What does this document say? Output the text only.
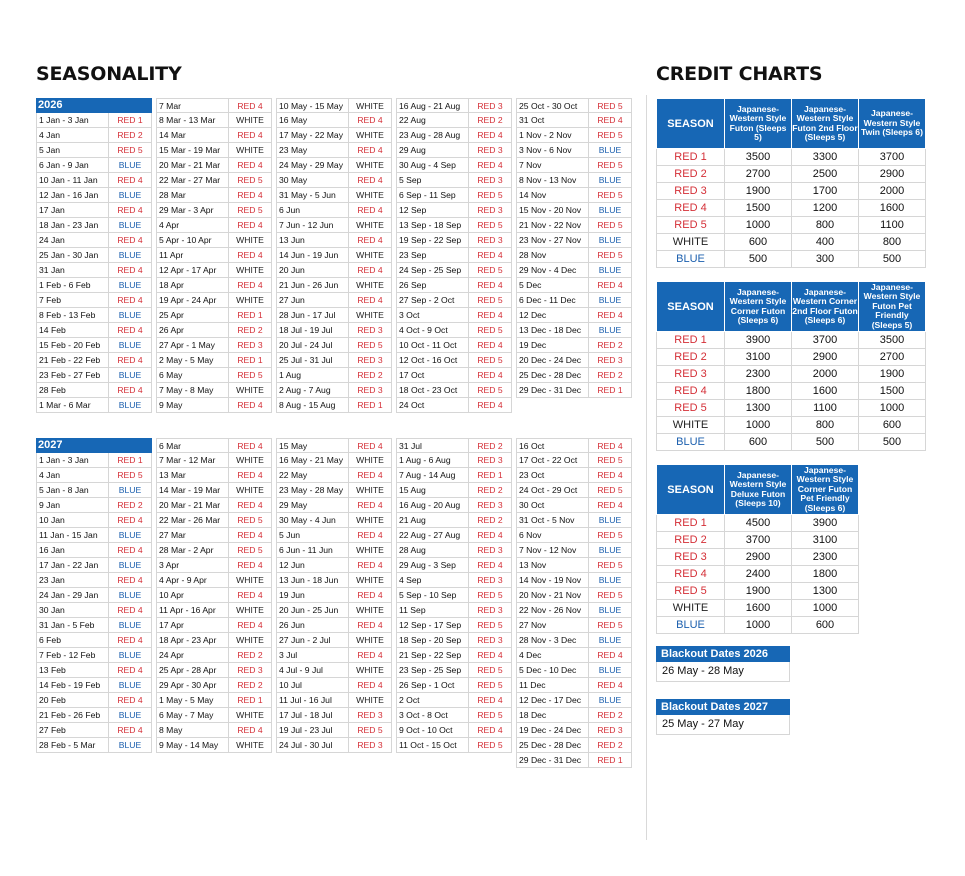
SEASONALITY	CREDIT CHARTS
2026
1 Jan - 3 Jan	RED 1
4 Jan	RED 2
5 Jan	RED 5
6 Jan - 9 Jan	BLUE
10 Jan - 11 Jan	RED 4
12 Jan - 16 Jan	BLUE
17 Jan	RED 4
18 Jan - 23 Jan	BLUE
24 Jan	RED 4
25 Jan - 30 Jan	BLUE
31 Jan	RED 4
1 Feb - 6 Feb	BLUE
7 Feb	RED 4
8 Feb - 13 Feb	BLUE
14 Feb	RED 4
15 Feb - 20 Feb	BLUE
21 Feb - 22 Feb	RED 4
23 Feb - 27 Feb	BLUE
28 Feb	RED 4
1 Mar - 6 Mar	BLUE
7 Mar	RED 4
8 Mar - 13 Mar	WHITE
14 Mar	RED 4
15 Mar - 19 Mar	WHITE
20 Mar - 21 Mar	RED 4
22 Mar - 27 Mar	RED 5
28 Mar	RED 4
29 Mar - 3 Apr	RED 5
4 Apr	RED 4
5 Apr - 10 Apr	WHITE
11 Apr	RED 4
12 Apr - 17 Apr	WHITE
18 Apr	RED 4
19 Apr - 24 Apr	WHITE
25 Apr	RED 1
26 Apr	RED 2
27 Apr - 1 May	RED 3
2 May - 5 May	RED 1
6 May	RED 5
7 May - 8 May	WHITE
9 May	RED 4
10 May - 15 May	WHITE
16 May	RED 4
17 May - 22 May	WHITE
23 May	RED 4
24 May - 29 May	WHITE
30 May	RED 4
31 May - 5 Jun	WHITE
6 Jun	RED 4
7 Jun - 12 Jun	WHITE
13 Jun	RED 4
14 Jun - 19 Jun	WHITE
20 Jun	RED 4
21 Jun - 26 Jun	WHITE
27 Jun	RED 4
28 Jun - 17 Jul	WHITE
18 Jul - 19 Jul	RED 3
20 Jul - 24 Jul	RED 5
25 Jul - 31 Jul	RED 3
1 Aug	RED 2
2 Aug - 7 Aug	RED 3
8 Aug - 15 Aug	RED 1
16 Aug - 21 Aug	RED 3
22 Aug	RED 2
23 Aug - 28 Aug	RED 4
29 Aug	RED 3
30 Aug - 4 Sep	RED 4
5 Sep	RED 3
6 Sep - 11 Sep	RED 5
12 Sep	RED 3
13 Sep - 18 Sep	RED 5
19 Sep - 22 Sep	RED 3
23 Sep	RED 4
24 Sep - 25 Sep	RED 5
26 Sep	RED 4
27 Sep - 2 Oct	RED 5
3 Oct	RED 4
4 Oct - 9 Oct	RED 5
10 Oct - 11 Oct	RED 4
12 Oct - 16 Oct	RED 5
17 Oct	RED 4
18 Oct - 23 Oct	RED 5
24 Oct	RED 4
25 Oct - 30 Oct	RED 5
31 Oct	RED 4
1 Nov - 2 Nov	RED 5
3 Nov - 6 Nov	BLUE
7 Nov	RED 5
8 Nov - 13 Nov	BLUE
14 Nov	RED 5
15 Nov - 20 Nov	BLUE
21 Nov - 22 Nov	RED 5
23 Nov - 27 Nov	BLUE
28 Nov	RED 5
29 Nov - 4 Dec	BLUE
5 Dec	RED 4
6 Dec - 11 Dec	BLUE
12 Dec	RED 4
13 Dec - 18 Dec	BLUE
19 Dec	RED 2
20 Dec - 24 Dec	RED 3
25 Dec - 28 Dec	RED 2
29 Dec - 31 Dec	RED 1
2027
1 Jan - 3 Jan	RED 1
4 Jan	RED 5
5 Jan - 8 Jan	BLUE
9 Jan	RED 2
10 Jan	RED 4
11 Jan - 15 Jan	BLUE
16 Jan	RED 4
17 Jan - 22 Jan	BLUE
23 Jan	RED 4
24 Jan - 29 Jan	BLUE
30 Jan	RED 4
31 Jan - 5 Feb	BLUE
6 Feb	RED 4
7 Feb - 12 Feb	BLUE
13 Feb	RED 4
14 Feb - 19 Feb	BLUE
20 Feb	RED 4
21 Feb - 26 Feb	BLUE
27 Feb	RED 4
28 Feb - 5 Mar	BLUE
6 Mar	RED 4
7 Mar - 12 Mar	WHITE
13 Mar	RED 4
14 Mar - 19 Mar	WHITE
20 Mar - 21 Mar	RED 4
22 Mar - 26 Mar	RED 5
27 Mar	RED 4
28 Mar - 2 Apr	RED 5
3 Apr	RED 4
4 Apr - 9 Apr	WHITE
10 Apr	RED 4
11 Apr - 16 Apr	WHITE
17 Apr	RED 4
18 Apr - 23 Apr	WHITE
24 Apr	RED 2
25 Apr - 28 Apr	RED 3
29 Apr - 30 Apr	RED 2
1 May - 5 May	RED 1
6 May - 7 May	WHITE
8 May	RED 4
9 May - 14 May	WHITE
15 May	RED 4
16 May - 21 May	WHITE
22 May	RED 4
23 May - 28 May	WHITE
29 May	RED 4
30 May - 4 Jun	WHITE
5 Jun	RED 4
6 Jun - 11 Jun	WHITE
12 Jun	RED 4
13 Jun - 18 Jun	WHITE
19 Jun	RED 4
20 Jun - 25 Jun	WHITE
26 Jun	RED 4
27 Jun - 2 Jul	WHITE
3 Jul	RED 4
4 Jul - 9 Jul	WHITE
10 Jul	RED 4
11 Jul - 16 Jul	WHITE
17 Jul - 18 Jul	RED 3
19 Jul - 23 Jul	RED 5
24 Jul - 30 Jul	RED 3
31 Jul	RED 2
1 Aug - 6 Aug	RED 3
7 Aug - 14 Aug	RED 1
15 Aug	RED 2
16 Aug - 20 Aug	RED 3
21 Aug	RED 2
22 Aug - 27 Aug	RED 4
28 Aug	RED 3
29 Aug - 3 Sep	RED 4
4 Sep	RED 3
5 Sep - 10 Sep	RED 5
11 Sep	RED 3
12 Sep - 17 Sep	RED 5
18 Sep - 20 Sep	RED 3
21 Sep - 22 Sep	RED 4
23 Sep - 25 Sep	RED 5
26 Sep - 1 Oct	RED 5
2 Oct	RED 4
3 Oct - 8 Oct	RED 5
9 Oct - 10 Oct	RED 4
11 Oct - 15 Oct	RED 5
16 Oct	RED 4
17 Oct - 22 Oct	RED 5
23 Oct	RED 4
24 Oct - 29 Oct	RED 5
30 Oct	RED 4
31 Oct - 5 Nov	BLUE
6 Nov	RED 5
7 Nov - 12 Nov	BLUE
13 Nov	RED 5
14 Nov - 19 Nov	BLUE
20 Nov - 21 Nov	RED 5
22 Nov - 26 Nov	BLUE
27 Nov	RED 5
28 Nov - 3 Dec	BLUE
4 Dec	RED 4
5 Dec - 10 Dec	BLUE
11 Dec	RED 4
12 Dec - 17 Dec	BLUE
18 Dec	RED 2
19 Dec - 24 Dec	RED 3
25 Dec - 28 Dec	RED 2
29 Dec - 31 Dec	RED 1
SEASON	Japanese-Western Style Futon (Sleeps 5)	Japanese-Western Style Futon 2nd Floor (Sleeps 5)	Japanese-Western Style Twin (Sleeps 6)
RED 1	3500	3300	3700
RED 2	2700	2500	2900
RED 3	1900	1700	2000
RED 4	1500	1200	1600
RED 5	1000	800	1100
WHITE	600	400	800
BLUE	500	300	500
SEASON	Japanese-Western Style Corner Futon (Sleeps 6)	Japanese-Western Corner 2nd Floor Futon (Sleeps 6)	Japanese-Western Style Futon Pet Friendly (Sleeps 5)
RED 1	3900	3700	3500
RED 2	3100	2900	2700
RED 3	2300	2000	1900
RED 4	1800	1600	1500
RED 5	1300	1100	1000
WHITE	1000	800	600
BLUE	600	500	500
SEASON	Japanese-Western Style Deluxe Futon (Sleeps 10)	Japanese-Western Style Corner Futon Pet Friendly (Sleeps 6)
RED 1	4500	3900
RED 2	3700	3100
RED 3	2900	2300
RED 4	2400	1800
RED 5	1900	1300
WHITE	1600	1000
BLUE	1000	600
Blackout Dates 2026
26 May - 28 May
Blackout Dates 2027
25 May - 27 May
